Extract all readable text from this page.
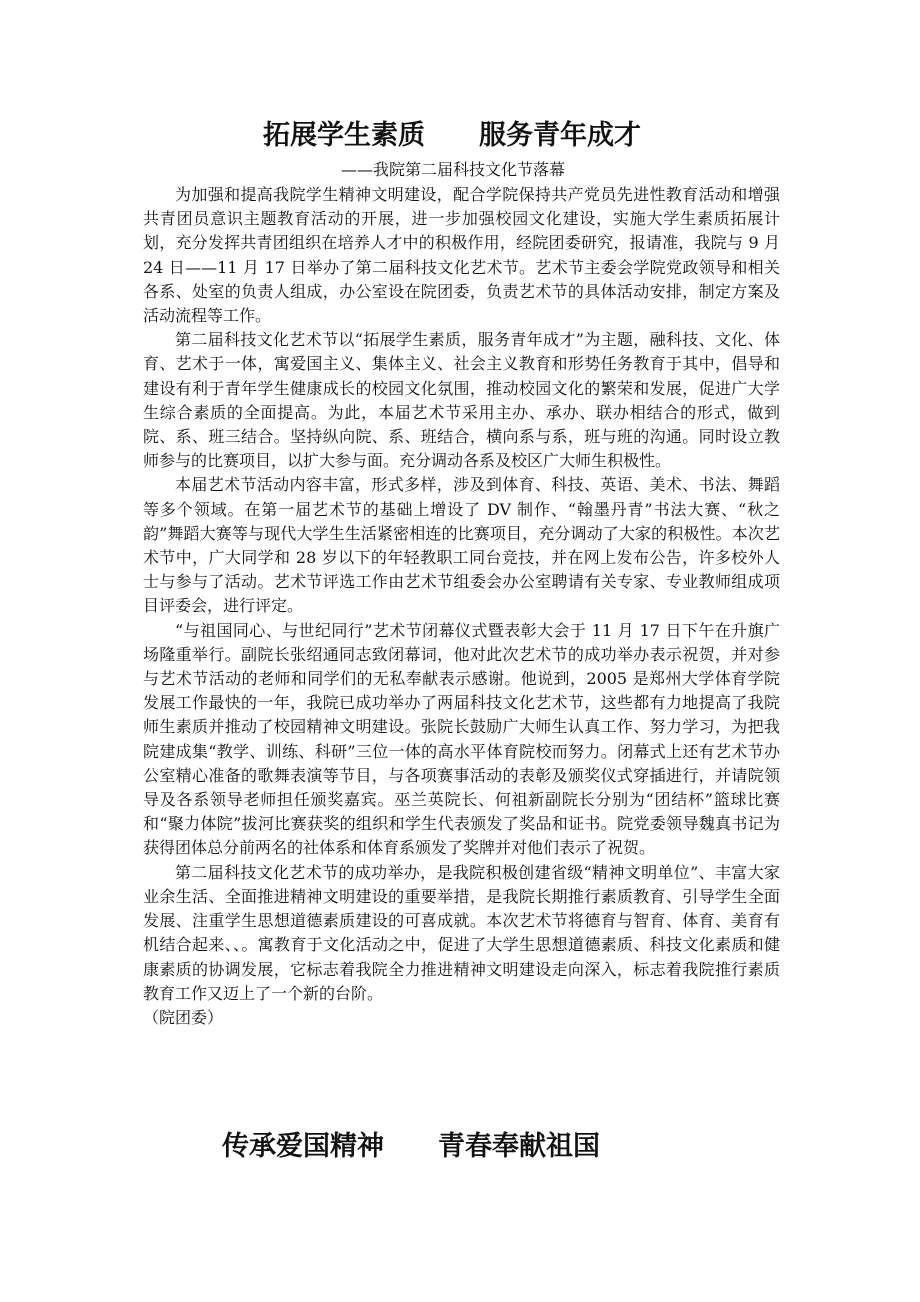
拓展学生素质　　服务青年成才
——我院第二届科技文化节落幕

为加强和提高我院学生精神文明建设，配合学院保持共产党员先进性教育活动和增强共青团员意识主题教育活动的开展，进一步加强校园文化建设，实施大学生素质拓展计划，充分发挥共青团组织在培养人才中的积极作用，经院团委研究，报请准，我院与 9 月 24 日——11 月 17 日举办了第二届科技文化艺术节。艺术节主委会学院党政领导和相关各系、处室的负责人组成，办公室设在院团委，负责艺术节的具体活动安排，制定方案及活动流程等工作。

第二届科技文化艺术节以“拓展学生素质，服务青年成才”为主题，融科技、文化、体育、艺术于一体，寓爱国主义、集体主义、社会主义教育和形势任务教育于其中，倡导和建设有利于青年学生健康成长的校园文化氛围，推动校园文化的繁荣和发展，促进广大学生综合素质的全面提高。为此，本届艺术节采用主办、承办、联办相结合的形式，做到院、系、班三结合。坚持纵向院、系、班结合，横向系与系，班与班的沟通。同时设立教师参与的比赛项目，以扩大参与面。充分调动各系及校区广大师生积极性。

本届艺术节活动内容丰富，形式多样，涉及到体育、科技、英语、美术、书法、舞蹈等多个领域。在第一届艺术节的基础上增设了 DV 制作、“翰墨丹青”书法大赛、“秋之韵”舞蹈大赛等与现代大学生生活紧密相连的比赛项目，充分调动了大家的积极性。本次艺术节中，广大同学和 28 岁以下的年轻教职工同台竞技，并在网上发布公告，许多校外人士与参与了活动。艺术节评选工作由艺术节组委会办公室聘请有关专家、专业教师组成项目评委会，进行评定。

“与祖国同心、与世纪同行”艺术节闭幕仪式暨表彰大会于 11 月 17 日下午在升旗广场隆重举行。副院长张绍通同志致闭幕词，他对此次艺术节的成功举办表示祝贺，并对参与艺术节活动的老师和同学们的无私奉献表示感谢。他说到，2005 是郑州大学体育学院发展工作最快的一年，我院已成功举办了两届科技文化艺术节，这些都有力地提高了我院师生素质并推动了校园精神文明建设。张院长鼓励广大师生认真工作、努力学习，为把我院建成集“教学、训练、科研”三位一体的高水平体育院校而努力。闭幕式上还有艺术节办公室精心准备的歌舞表演等节目，与各项赛事活动的表彰及颁奖仪式穿插进行，并请院领导及各系领导老师担任颁奖嘉宾。巫兰英院长、何祖新副院长分别为“团结杯”篮球比赛和“聚力体院”拔河比赛获奖的组织和学生代表颁发了奖品和证书。院党委领导魏真书记为获得团体总分前两名的社体系和体育系颁发了奖牌并对他们表示了祝贺。

第二届科技文化艺术节的成功举办，是我院积极创建省级“精神文明单位”、丰富大家业余生活、全面推进精神文明建设的重要举措，是我院长期推行素质教育、引导学生全面发展、注重学生思想道德素质建设的可喜成就。本次艺术节将德育与智育、体育、美育有机结合起来、、。寓教育于文化活动之中，促进了大学生思想道德素质、科技文化素质和健康素质的协调发展，它标志着我院全力推进精神文明建设走向深入，标志着我院推行素质教育工作又迈上了一个新的台阶。

（院团委）

传承爱国精神　　青春奉献祖国
